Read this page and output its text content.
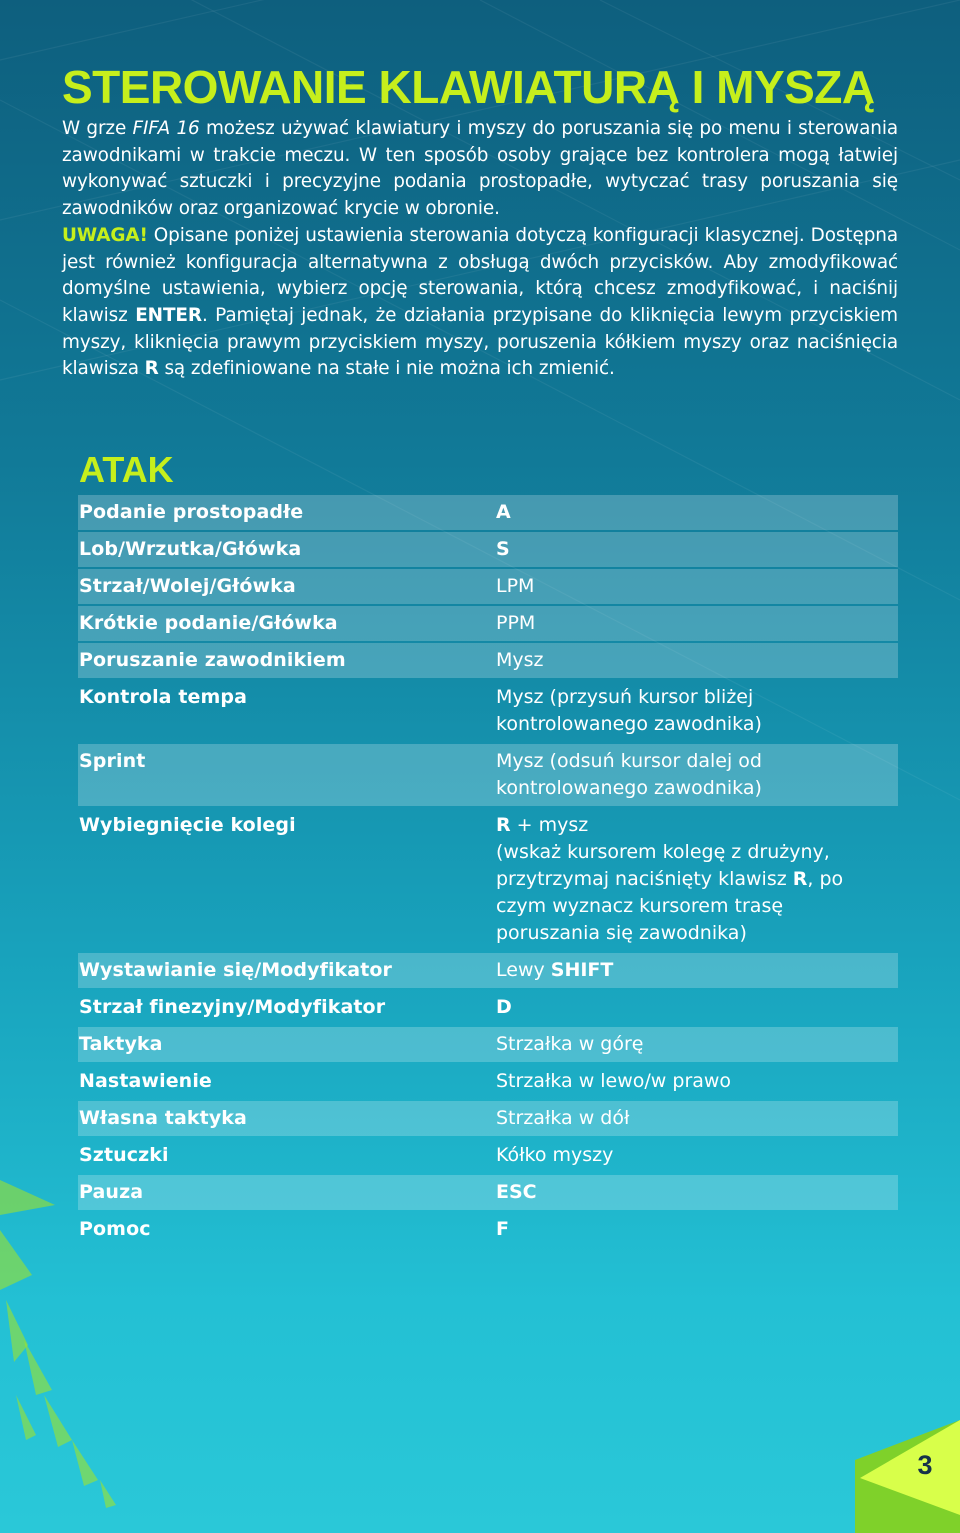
STEROWANIE KLAWIATURĄ I MYSZĄ

W grze FIFA 16 możesz używać klawiatury i myszy do poruszania się po menu i sterowania zawodnikami w trakcie meczu. W ten sposób osoby grające bez kontrolera mogą łatwiej wykonywać sztuczki i precyzyjne podania prostopadłe, wytyczać trasy poruszania się zawodników oraz organizować krycie w obronie.

UWAGA! Opisane poniżej ustawienia sterowania dotyczą konfiguracji klasycznej. Dostępna jest również konfiguracja alternatywna z obsługą dwóch przycisków. Aby zmodyfikować domyślne ustawienia, wybierz opcję sterowania, którą chcesz zmodyfikować, i naciśnij klawisz ENTER. Pamiętaj jednak, że działania przypisane do kliknięcia lewym przyciskiem myszy, kliknięcia prawym przyciskiem myszy, poruszenia kółkiem myszy oraz naciśnięcia klawisza R są zdefiniowane na stałe i nie można ich zmienić.

ATAK
Podanie prostopadłe	A
Lob/Wrzutka/Główka	S
Strzał/Wolej/Główka	LPM
Krótkie podanie/Główka	PPM
Poruszanie zawodnikiem	Mysz
Kontrola tempa	Mysz (przysuń kursor bliżej kontrolowanego zawodnika)
Sprint	Mysz (odsuń kursor dalej od kontrolowanego zawodnika)
Wybiegnięcie kolegi	R + mysz
(wskaż kursorem kolegę z drużyny, przytrzymaj naciśnięty klawisz R, po czym wyznacz kursorem trasę poruszania się zawodnika)
Wystawianie się/Modyfikator	Lewy SHIFT
Strzał finezyjny/Modyfikator	D
Taktyka	Strzałka w górę
Nastawienie	Strzałka w lewo/w prawo
Własna taktyka	Strzałka w dół
Sztuczki	Kółko myszy
Pauza	ESC
Pomoc	F
3
